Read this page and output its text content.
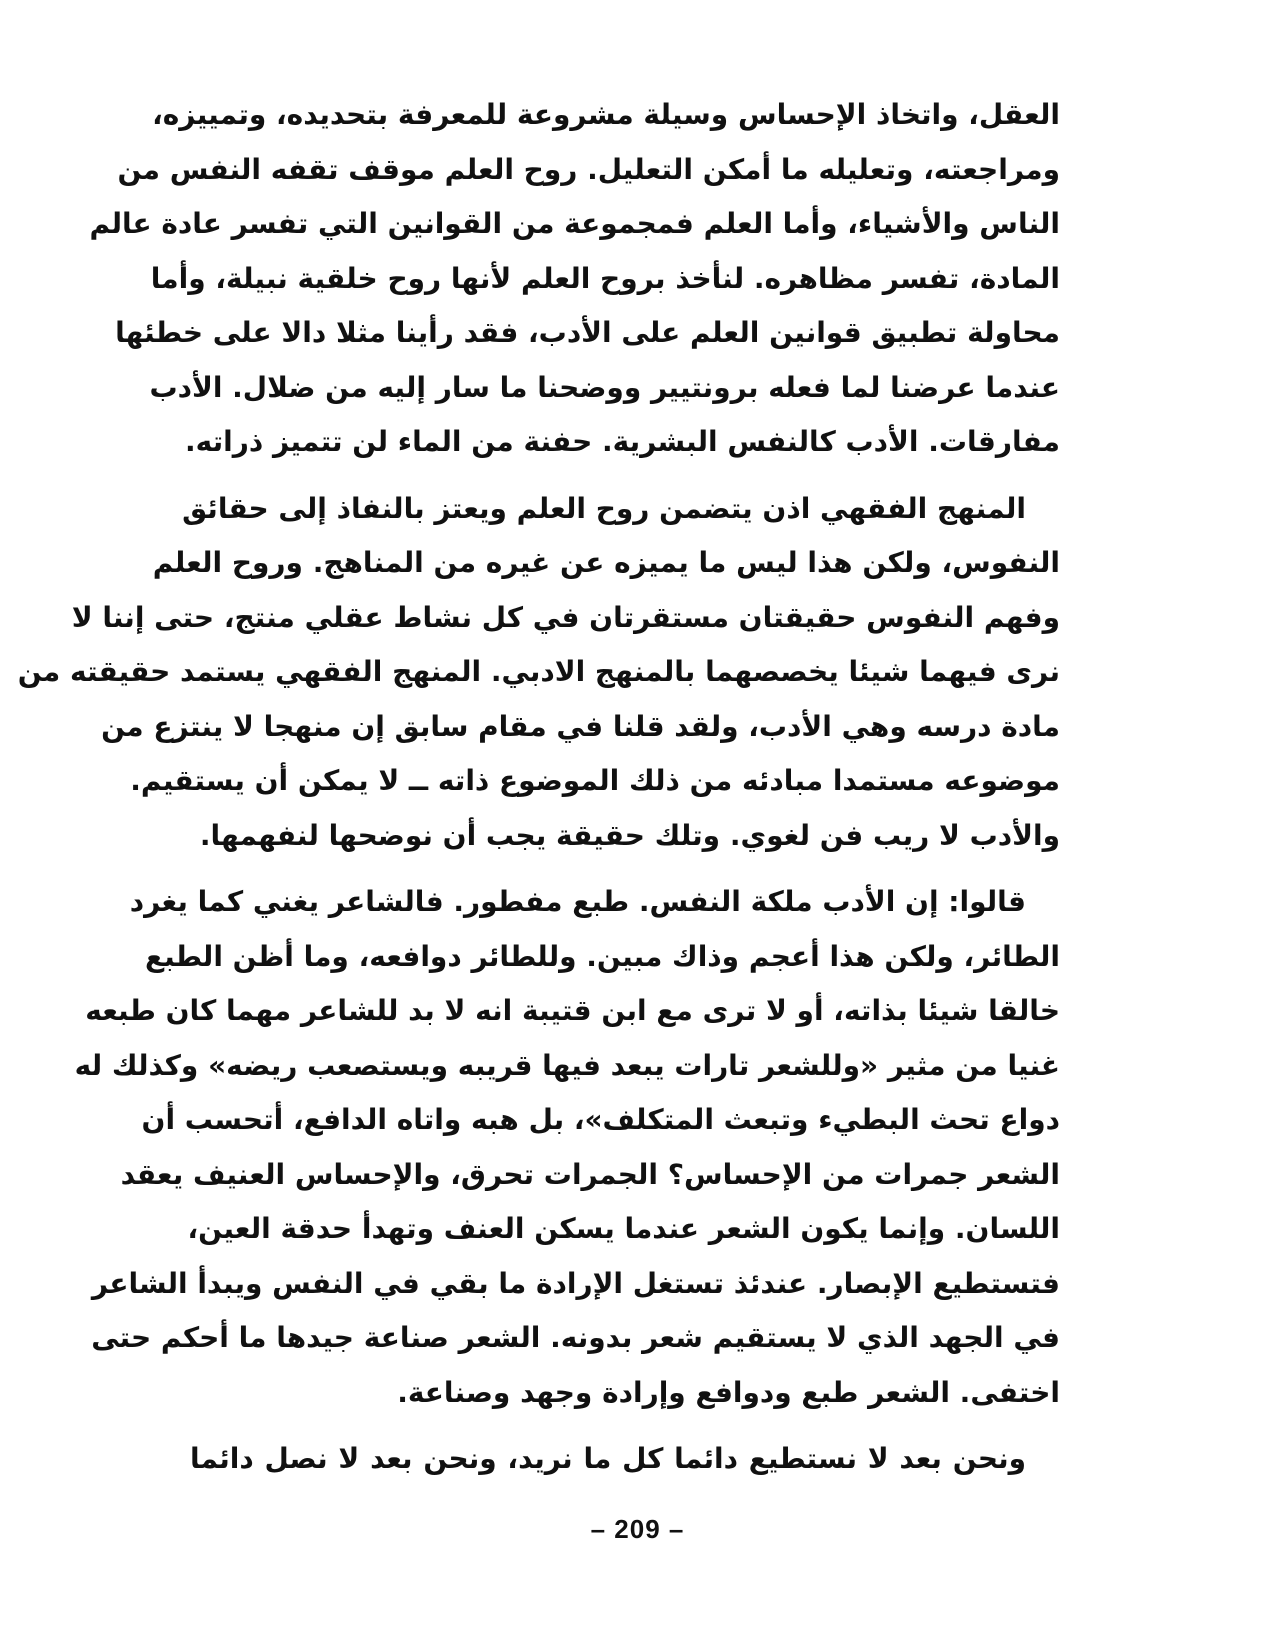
العقل، واتخاذ الإحساس وسيلة مشروعة للمعرفة بتحديده، وتمييزه،
ومراجعته، وتعليله ما أمكن التعليل. روح العلم موقف تقفه النفس من
الناس والأشياء، وأما العلم فمجموعة من القوانين التي تفسر عادة عالم
المادة، تفسر مظاهره. لنأخذ بروح العلم لأنها روح خلقية نبيلة، وأما
محاولة تطبيق قوانين العلم على الأدب، فقد رأينا مثلا دالا على خطئها
عندما عرضنا لما فعله برونتيير ووضحنا ما سار إليه من ضلال. الأدب
مفارقات. الأدب كالنفس البشرية. حفنة من الماء لن تتميز ذراته.
المنهج الفقهي اذن يتضمن روح العلم ويعتز بالنفاذ إلى حقائق
النفوس، ولكن هذا ليس ما يميزه عن غيره من المناهج. وروح العلم
وفهم النفوس حقيقتان مستقرتان في كل نشاط عقلي منتج، حتى إننا لا
نرى فيهما شيئا يخصصهما بالمنهج الادبي. المنهج الفقهي يستمد حقيقته من
مادة درسه وهي الأدب، ولقد قلنا في مقام سابق إن منهجا لا ينتزع من
موضوعه مستمدا مبادئه من ذلك الموضوع ذاته ــ لا يمكن أن يستقيم.
والأدب لا ريب فن لغوي. وتلك حقيقة يجب أن نوضحها لنفهمها.
قالوا: إن الأدب ملكة النفس. طبع مفطور. فالشاعر يغني كما يغرد
الطائر، ولكن هذا أعجم وذاك مبين. وللطائر دوافعه، وما أظن الطبع
خالقا شيئا بذاته، أو لا ترى مع ابن قتيبة انه لا بد للشاعر مهما كان طبعه
غنيا من مثير «وللشعر تارات يبعد فيها قريبه ويستصعب ريضه» وكذلك له
دواع تحث البطيء وتبعث المتكلف»، بل هبه واتاه الدافع، أتحسب أن
الشعر جمرات من الإحساس؟ الجمرات تحرق، والإحساس العنيف يعقد
اللسان. وإنما يكون الشعر عندما يسكن العنف وتهدأ حدقة العين،
فتستطيع الإبصار. عندئذ تستغل الإرادة ما بقي في النفس ويبدأ الشاعر
في الجهد الذي لا يستقيم شعر بدونه. الشعر صناعة جيدها ما أحكم حتى
اختفى. الشعر طبع ودوافع وإرادة وجهد وصناعة.
ونحن بعد لا نستطيع دائما كل ما نريد، ونحن بعد لا نصل دائما
– 209 –
